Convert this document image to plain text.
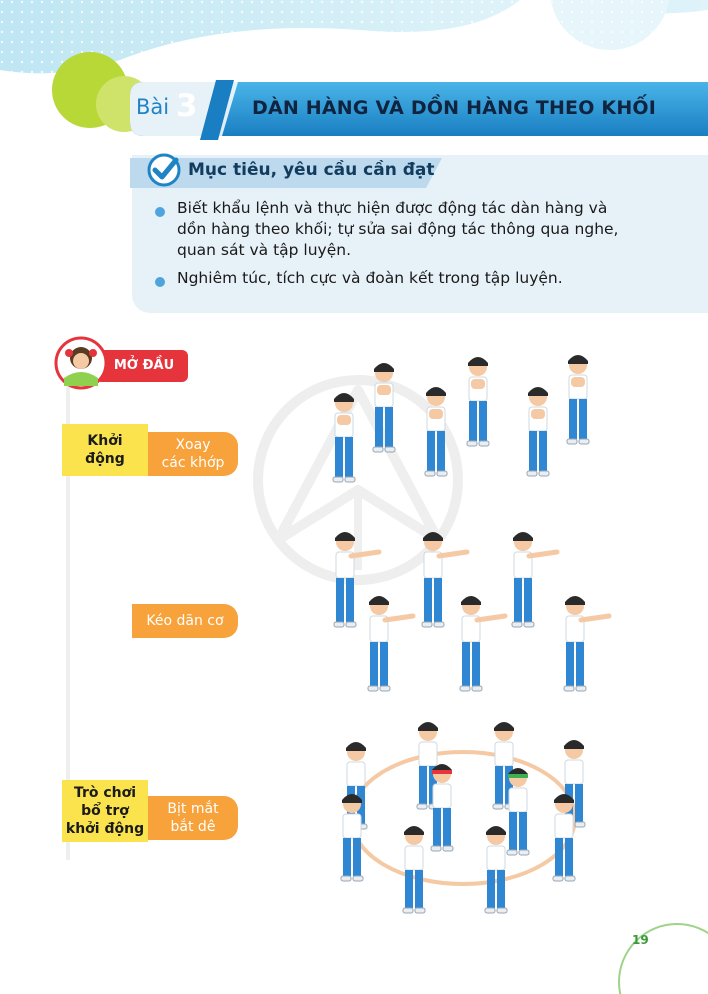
Bài 3	DÀN HÀNG VÀ DỒN HÀNG THEO KHỐI
Mục tiêu, yêu cầu cần đạt
Biết khẩu lệnh và thực hiện được động tác dàn hàng và
dồn hàng theo khối; tự sửa sai động tác thông qua nghe,
quan sát và tập luyện.
Nghiêm túc, tích cực và đoàn kết trong tập luyện.
MỞ ĐẦU
Khởi
động
Xoay
các khớp
Kéo dãn cơ
Trò chơi
bổ trợ
khởi động
Bịt mắt
bắt dê
19
